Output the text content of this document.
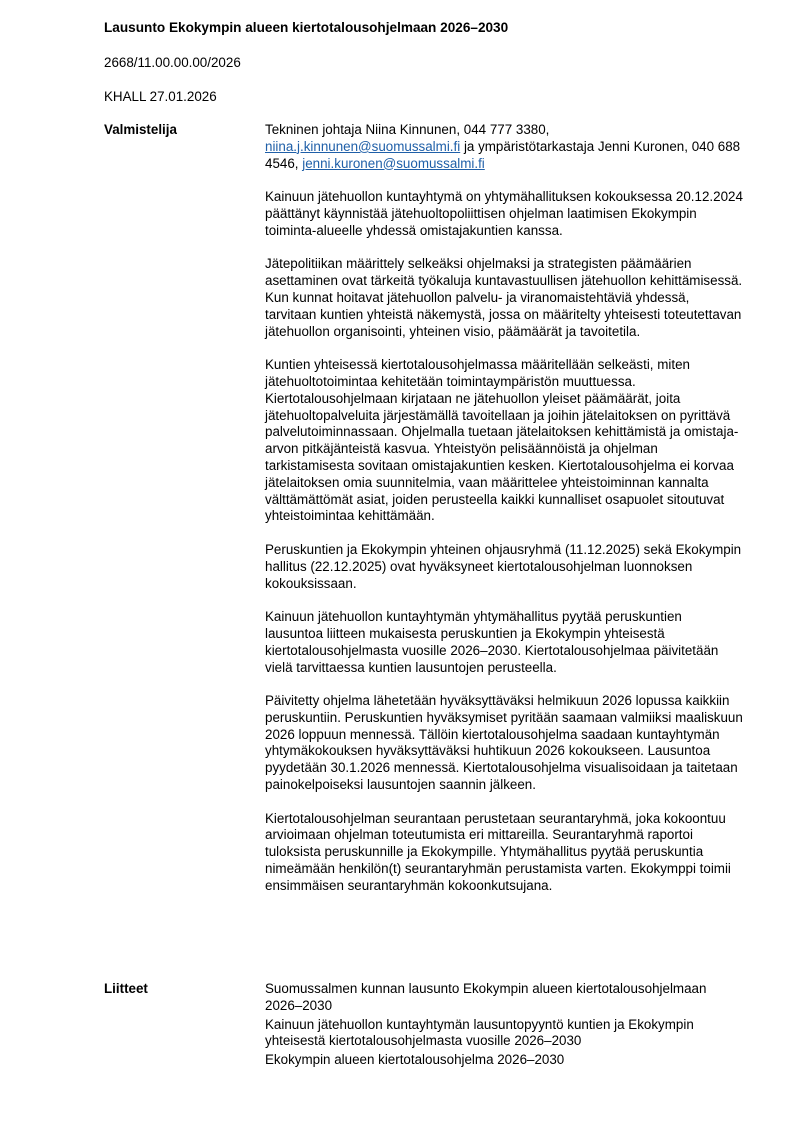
Lausunto Ekokympin alueen kiertotalousohjelmaan 2026–2030
2668/11.00.00.00/2026
KHALL 27.01.2026
Valmistelija	Tekninen johtaja Niina Kinnunen, 044 777 3380,
niina.j.kinnunen@suomussalmi.fi ja ympäristötarkastaja Jenni Kuronen, 040 688 4546, jenni.kuronen@suomussalmi.fi

Kainuun jätehuollon kuntayhtymä on yhtymähallituksen kokouksessa 20.12.2024 päättänyt käynnistää jätehuoltopoliittisen ohjelman laatimisen Ekokympin toiminta-alueelle yhdessä omistajakuntien kanssa.

Jätepolitiikan määrittely selkeäksi ohjelmaksi ja strategisten päämäärien asettaminen ovat tärkeitä työkaluja kuntavastuullisen jätehuollon kehittämisessä. Kun kunnat hoitavat jätehuollon palvelu- ja viranomaistehtäviä yhdessä, tarvitaan kuntien yhteistä näkemystä, jossa on määritelty yhteisesti toteutettavan jätehuollon organisointi, yhteinen visio, päämäärät ja tavoitetila.

Kuntien yhteisessä kiertotalousohjelmassa määritellään selkeästi, miten jätehuoltotoimintaa kehitetään toimintaympäristön muuttuessa. Kiertotalousohjelmaan kirjataan ne jätehuollon yleiset päämäärät, joita jätehuoltopalveluita järjestämällä tavoitellaan ja joihin jätelaitoksen on pyrittävä palvelutoiminnassaan. Ohjelmalla tuetaan jätelaitoksen kehittämistä ja omistaja-arvon pitkäjänteistä kasvua. Yhteistyön pelisäännöistä ja ohjelman tarkistamisesta sovitaan omistajakuntien kesken. Kiertotalousohjelma ei korvaa jätelaitoksen omia suunnitelmia, vaan määrittelee yhteistoiminnan kannalta välttämättömät asiat, joiden perusteella kaikki kunnalliset osapuolet sitoutuvat yhteistoimintaa kehittämään.

Peruskuntien ja Ekokympin yhteinen ohjausryhmä (11.12.2025) sekä Ekokympin hallitus (22.12.2025) ovat hyväksyneet kiertotalousohjelman luonnoksen kokouksissaan.

Kainuun jätehuollon kuntayhtymän yhtymähallitus pyytää peruskuntien lausuntoa liitteen mukaisesta peruskuntien ja Ekokympin yhteisestä kiertotalousohjelmasta vuosille 2026–2030. Kiertotalousohjelmaa päivitetään vielä tarvittaessa kuntien lausuntojen perusteella.

Päivitetty ohjelma lähetetään hyväksyttäväksi helmikuun 2026 lopussa kaikkiin peruskuntiin. Peruskuntien hyväksymiset pyritään saamaan valmiiksi maaliskuun 2026 loppuun mennessä. Tällöin kiertotalousohjelma saadaan kuntayhtymän yhtymäkokouksen hyväksyttäväksi huhtikuun 2026 kokoukseen. Lausuntoa pyydetään 30.1.2026 mennessä. Kiertotalousohjelma visualisoidaan ja taitetaan painokelpoiseksi lausuntojen saannin jälkeen.

Kiertotalousohjelman seurantaan perustetaan seurantaryhmä, joka kokoontuu arvioimaan ohjelman toteutumista eri mittareilla. Seurantaryhmä raportoi tuloksista peruskunnille ja Ekokympille. Yhtymähallitus pyytää peruskuntia nimeämään henkilön(t) seurantaryhmän perustamista varten. Ekokymppi toimii ensimmäisen seurantaryhmän kokoonkutsujana.

Liitteet	Suomussalmen kunnan lausunto Ekokympin alueen kiertotalousohjelmaan 2026–2030
Kainuun jätehuollon kuntayhtymän lausuntopyyntö kuntien ja Ekokympin yhteisestä kiertotalousohjelmasta vuosille 2026–2030
Ekokympin alueen kiertotalousohjelma 2026–2030
